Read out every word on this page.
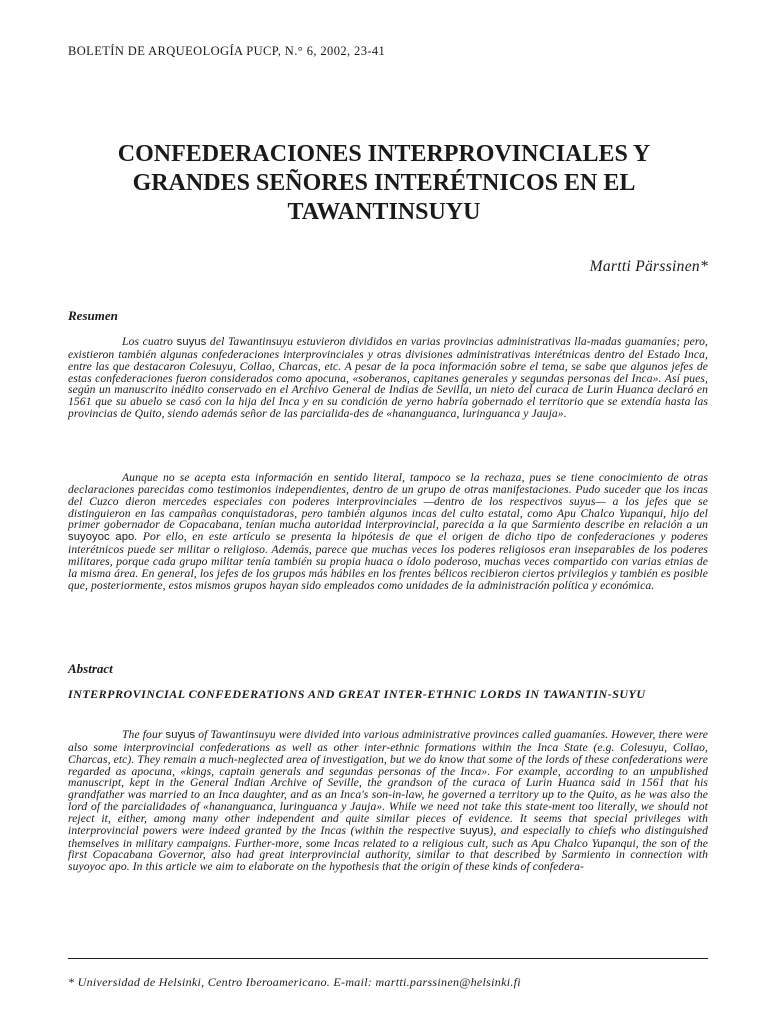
BOLETÍN DE ARQUEOLOGÍA PUCP, N.° 6, 2002, 23-41
CONFEDERACIONES INTERPROVINCIALES Y GRANDES SEÑORES INTERÉTNICOS EN EL TAWANTINSUYU
Martti Pärssinen*
Resumen
Los cuatro suyus del Tawantinsuyu estuvieron divididos en varias provincias administrativas lla-madas guamaníes; pero, existieron también algunas confederaciones interprovinciales y otras divisiones administrativas interétnicas dentro del Estado Inca, entre las que destacaron Colesuyu, Collao, Charcas, etc. A pesar de la poca información sobre el tema, se sabe que algunos jefes de estas confederaciones fueron considerados como apocuna, «soberanos, capitanes generales y segundas personas del Inca». Así pues, según un manuscrito inédito conservado en el Archivo General de Indias de Sevilla, un nieto del curaca de Lurin Huanca declaró en 1561 que su abuelo se casó con la hija del Inca y en su condición de yerno habría gobernado el territorio que se extendía hasta las provincias de Quito, siendo además señor de las parcialida-des de «hananguanca, luringuanca y Jauja».
Aunque no se acepta esta información en sentido literal, tampoco se la rechaza, pues se tiene conocimiento de otras declaraciones parecidas como testimonios independientes, dentro de un grupo de otras manifestaciones. Pudo suceder que los incas del Cuzco dieron mercedes especiales con poderes interprovinciales —dentro de los respectivos suyus— a los jefes que se distinguieron en las campañas conquistadoras, pero también algunos incas del culto estatal, como Apu Chalco Yupanqui, hijo del primer gobernador de Copacabana, tenían mucha autoridad interprovincial, parecida a la que Sarmiento describe en relación a un suyoyoc apo. Por ello, en este artículo se presenta la hipótesis de que el origen de dicho tipo de confederaciones y poderes interétnicos puede ser militar o religioso. Además, parece que muchas veces los poderes religiosos eran inseparables de los poderes militares, porque cada grupo militar tenía también su propia huaca o ídolo poderoso, muchas veces compartido con varias etnias de la misma área. En general, los jefes de los grupos más hábiles en los frentes bélicos recibieron ciertos privilegios y también es posible que, posteriormente, estos mismos grupos hayan sido empleados como unidades de la administración política y económica.
Abstract
INTERPROVINCIAL CONFEDERATIONS AND GREAT INTER-ETHNIC LORDS IN TAWANTIN-SUYU
The four suyus of Tawantinsuyu were divided into various administrative provinces called guamaníes. However, there were also some interprovincial confederations as well as other inter-ethnic formations within the Inca State (e.g. Colesuyu, Collao, Charcas, etc). They remain a much-neglected area of investigation, but we do know that some of the lords of these confederations were regarded as apocuna, «kings, captain generals and segundas personas of the Inca». For example, according to an unpublished manuscript, kept in the General Indian Archive of Seville, the grandson of the curaca of Lurin Huanca said in 1561 that his grandfather was married to an Inca daughter, and as an Inca's son-in-law, he governed a territory up to the Quito, as he was also the lord of the parcialidades of «hananguanca, luringuanca y Jauja». While we need not take this state-ment too literally, we should not reject it, either, among many other independent and quite similar pieces of evidence. It seems that special privileges with interprovincial powers were indeed granted by the Incas (within the respective suyus), and especially to chiefs who distinguished themselves in military campaigns. Further-more, some Incas related to a religious cult, such as Apu Chalco Yupanqui, the son of the first Copacabana Governor, also had great interprovincial authority, similar to that described by Sarmiento in connection with suyoyoc apo. In this article we aim to elaborate on the hypothesis that the origin of these kinds of confedera-
* Universidad de Helsinki, Centro Iberoamericano. E-mail: martti.parssinen@helsinki.fi
